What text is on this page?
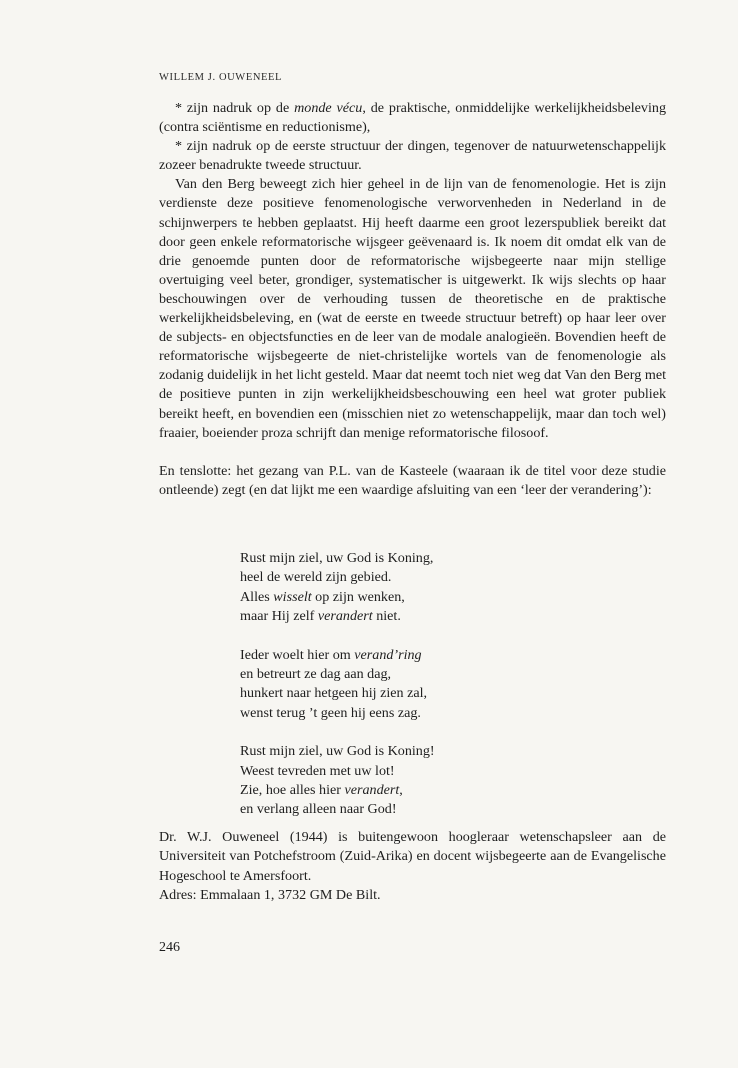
WILLEM J. OUWENEEL

* zijn nadruk op de monde vécu, de praktische, onmiddelijke werkelijkheidsbeleving (contra sciëntisme en reductionisme),

* zijn nadruk op de eerste structuur der dingen, tegenover de natuurwetenschappelijk zozeer benadrukte tweede structuur.

Van den Berg beweegt zich hier geheel in de lijn van de fenomenologie. Het is zijn verdienste deze positieve fenomenologische verworvenheden in Nederland in de schijnwerpers te hebben geplaatst. Hij heeft daarme een groot lezerspubliek bereikt dat door geen enkele reformatorische wijsgeer geëvenaard is. Ik noem dit omdat elk van de drie genoemde punten door de reformatorische wijsbegeerte naar mijn stellige overtuiging veel beter, grondiger, systematischer is uitgewerkt. Ik wijs slechts op haar beschouwingen over de verhouding tussen de theoretische en de praktische werkelijkheidsbeleving, en (wat de eerste en tweede structuur betreft) op haar leer over de subjects- en objectsfuncties en de leer van de modale analogieën. Bovendien heeft de reformatorische wijsbegeerte de niet-christelijke wortels van de fenomenologie als zodanig duidelijk in het licht gesteld. Maar dat neemt toch niet weg dat Van den Berg met de positieve punten in zijn werkelijkheidsbeschouwing een heel wat groter publiek bereikt heeft, en bovendien een (misschien niet zo wetenschappelijk, maar dan toch wel) fraaier, boeiender proza schrijft dan menige reformatorische filosoof.

En tenslotte: het gezang van P.L. van de Kasteele (waaraan ik de titel voor deze studie ontleende) zegt (en dat lijkt me een waardige afsluiting van een ‘leer der verandering’):

Rust mijn ziel, uw God is Koning,
heel de wereld zijn gebied.
Alles wisselt op zijn wenken,
maar Hij zelf verandert niet.
Ieder woelt hier om verand’ring
en betreurt ze dag aan dag,
hunkert naar hetgeen hij zien zal,
wenst terug ’t geen hij eens zag.
Rust mijn ziel, uw God is Koning!
Weest tevreden met uw lot!
Zie, hoe alles hier verandert,
en verlang alleen naar God!

Dr. W.J. Ouweneel (1944) is buitengewoon hoogleraar wetenschapsleer aan de Universiteit van Potchefstroom (Zuid-Arika) en docent wijsbegeerte aan de Evangelische Hogeschool te Amersfoort.

Adres: Emmalaan 1, 3732 GM De Bilt.

246
